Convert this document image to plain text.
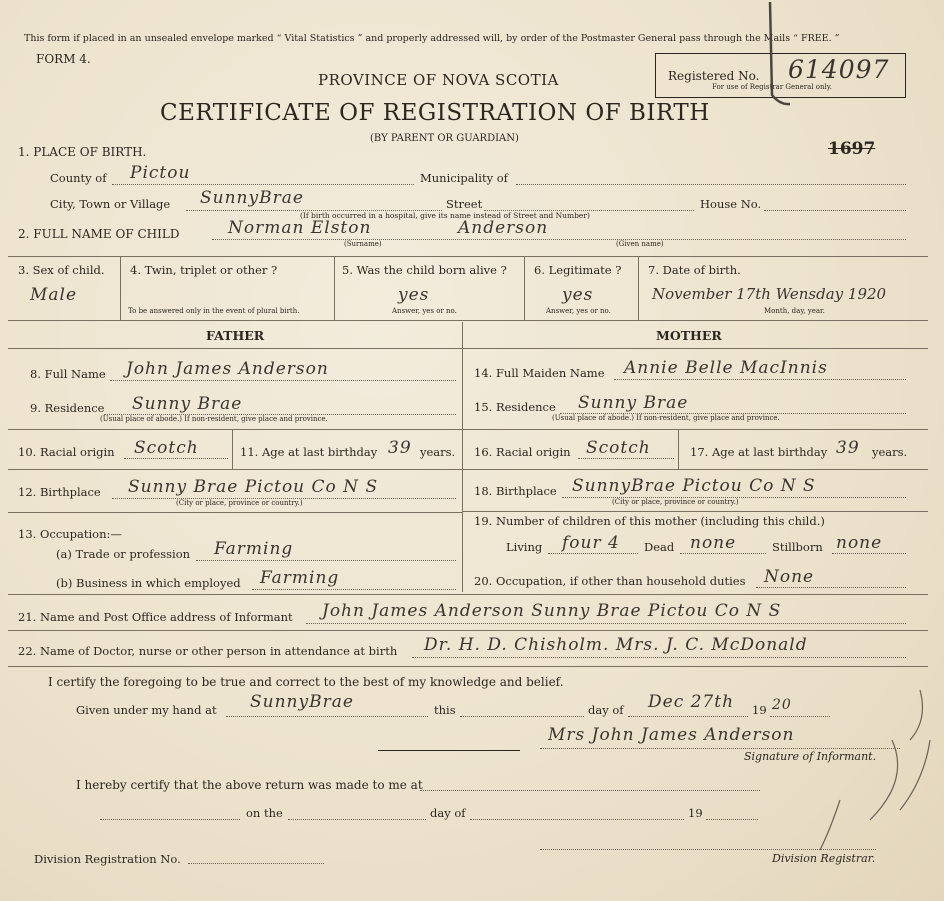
This form if placed in an unsealed envelope marked “ Vital Statistics ” and properly addressed will, by order of the Postmaster General pass through the Mails “ FREE. ”
FORM 4.
PROVINCE OF NOVA SCOTIA
CERTIFICATE OF REGISTRATION OF BIRTH
(BY PARENT OR GUARDIAN)
Registered No. 614097
For use of Registrar General only.
1697
1. PLACE OF BIRTH.
County of Pictou	Municipality of
City, Town or Village SunnyBrae	Street	House No.
(If birth occurred in a hospital, give its name instead of Street and Number)
2. FULL NAME OF CHILD	Norman Elston	Anderson
(Surname)	(Given name)
3. Sex of child.
Male
4. Twin, triplet or other ?
To be answered only in the event of plural birth.
5. Was the child born alive ?
yes
Answer, yes or no.
6. Legitimate ?
yes
Answer, yes or no.
7. Date of birth.
November 17th Wensday 1920
Month, day, year.
FATHER	MOTHER
8. Full Name John James Anderson
9. Residence Sunny Brae
(Usual place of abode.) If non-resident, give place and province.
10. Racial origin Scotch	11. Age at last birthday 39 years.
12. Birthplace Sunny Brae Pictou Co N S
(City or place, province or country.)
13. Occupation:—
(a) Trade or profession Farming
(b) Business in which employed Farming
14. Full Maiden Name Annie Belle MacInnis
15. Residence Sunny Brae
(Usual place of abode.) If non-resident, give place and province.
16. Racial origin Scotch	17. Age at last birthday 39 years.
18. Birthplace SunnyBrae Pictou Co N S
(City or place, province or country.)
19. Number of children of this mother (including this child.)
Living four 4 Dead none	Stillborn none
20. Occupation, if other than household duties None
21. Name and Post Office address of Informant John James Anderson Sunny Brae Pictou Co N S
22. Name of Doctor, nurse or other person in attendance at birth Dr. H. D. Chisholm. Mrs. J. C. McDonald
I certify the foregoing to be true and correct to the best of my knowledge and belief.
Given under my hand at SunnyBrae	this	day of Dec 27th 19 20
Mrs John James Anderson
Signature of Informant.
I hereby certify that the above return was made to me at
on the	day of	19
Division Registration No.	Division Registrar.
